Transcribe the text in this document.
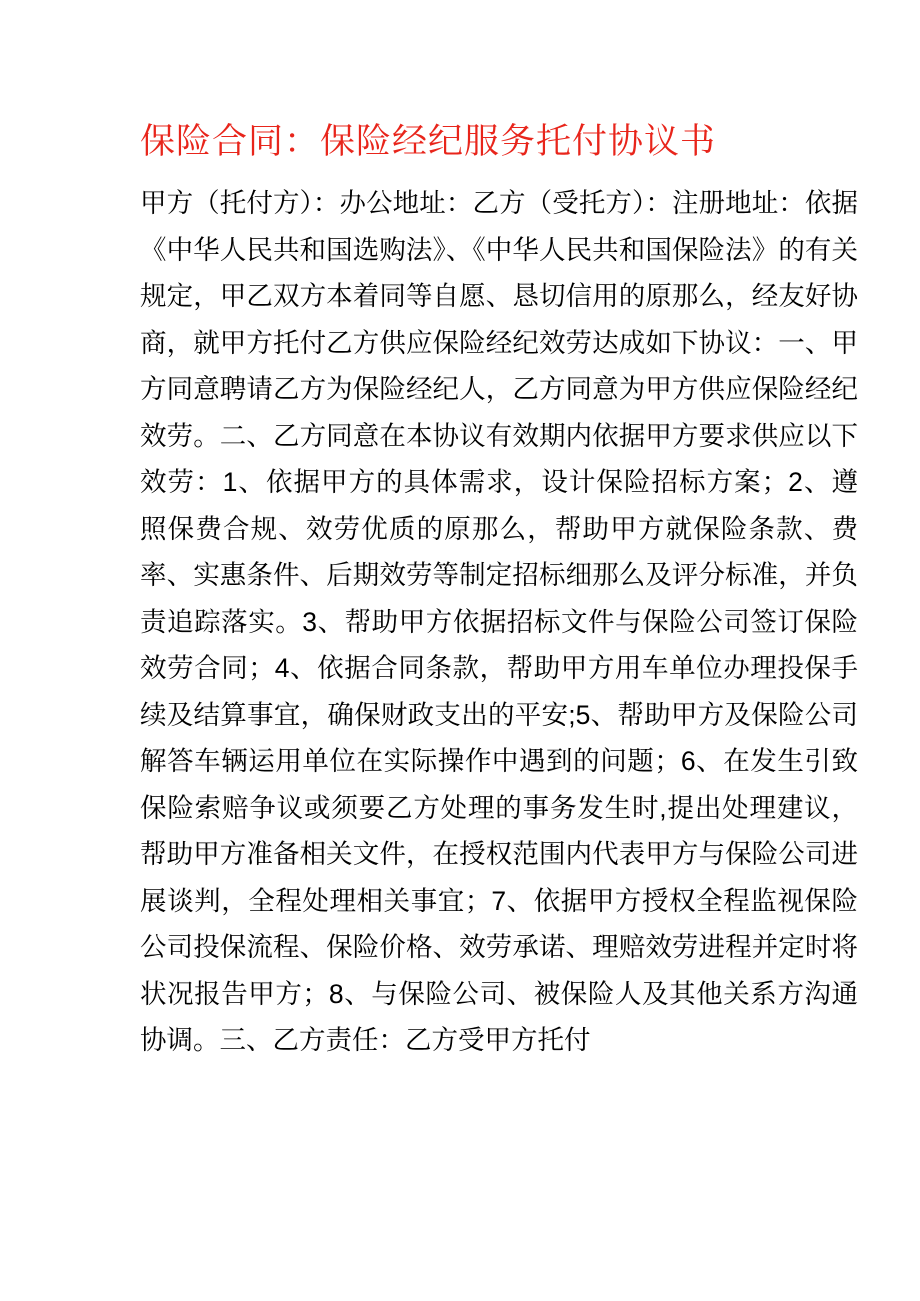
保险合同：保险经纪服务托付协议书

甲方（托付方）：办公地址：乙方（受托方）：注册地址：依据《中华人民共和国选购法》、《中华人民共和国保险法》的有关规定，甲乙双方本着同等自愿、恳切信用的原那么，经友好协商，就甲方托付乙方供应保险经纪效劳达成如下协议：一、甲方同意聘请乙方为保险经纪人，乙方同意为甲方供应保险经纪效劳。二、乙方同意在本协议有效期内依据甲方要求供应以下效劳：1、依据甲方的具体需求，设计保险招标方案；2、遵照保费合规、效劳优质的原那么，帮助甲方就保险条款、费率、实惠条件、后期效劳等制定招标细那么及评分标准，并负责追踪落实。3、帮助甲方依据招标文件与保险公司签订保险效劳合同；4、依据合同条款，帮助甲方用车单位办理投保手续及结算事宜，确保财政支出的平安;5、帮助甲方及保险公司解答车辆运用单位在实际操作中遇到的问题；6、在发生引致保险索赔争议或须要乙方处理的事务发生时,提出处理建议，帮助甲方准备相关文件，在授权范围内代表甲方与保险公司进展谈判，全程处理相关事宜；7、依据甲方授权全程监视保险公司投保流程、保险价格、效劳承诺、理赔效劳进程并定时将状况报告甲方；8、与保险公司、被保险人及其他关系方沟通协调。三、乙方责任：乙方受甲方托付
